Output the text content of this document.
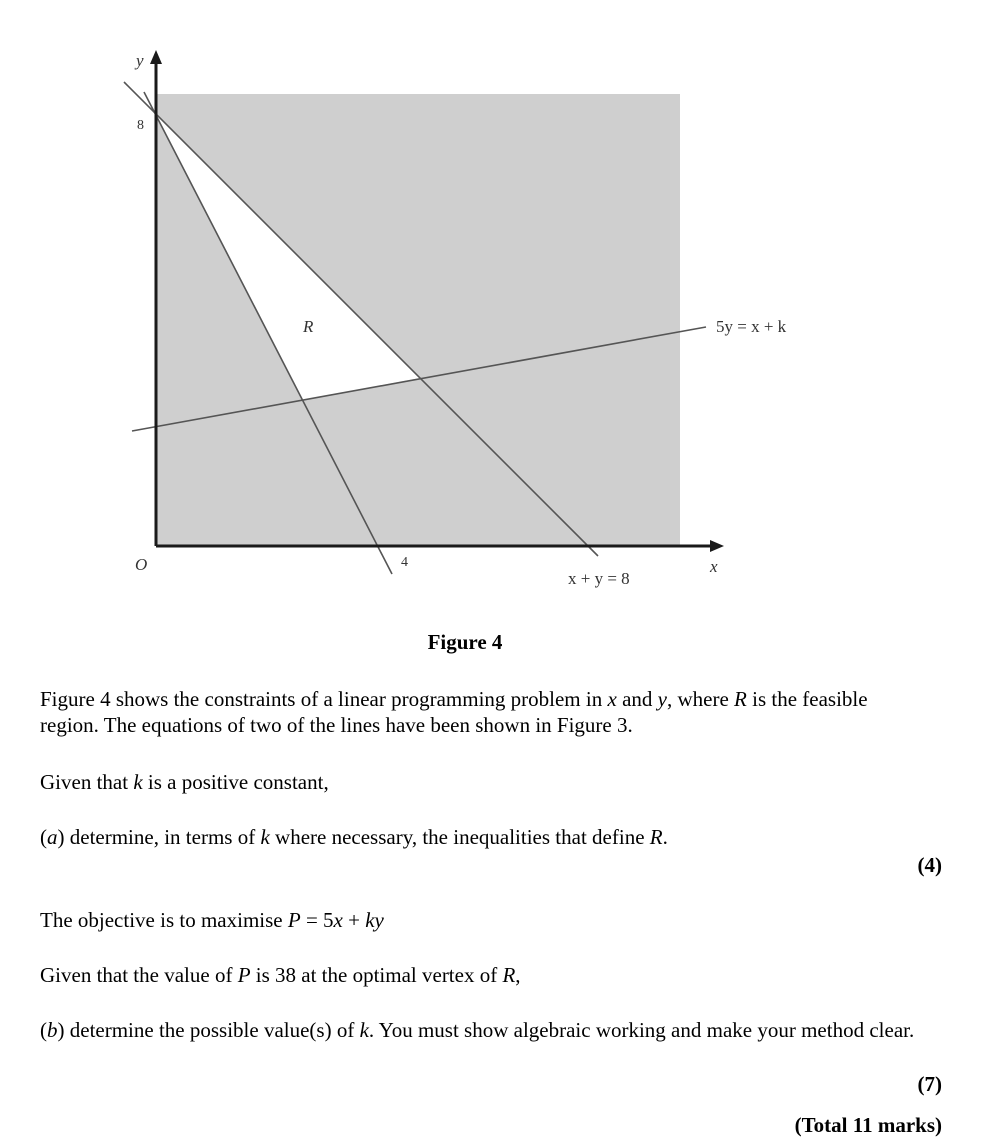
y
8
R	5y = x + k
O	4
x + y = 8
x
Figure 4
Figure 4 shows the constraints of a linear programming problem in x and y, where R is the feasible region. The equations of two of the lines have been shown in Figure 3.
Given that k is a positive constant,
(a) determine, in terms of k where necessary, the inequalities that define R.
(4)
The objective is to maximise P = 5x + ky
Given that the value of P is 38 at the optimal vertex of R,
(b) determine the possible value(s) of k. You must show algebraic working and make your method clear.
(7)
(Total 11 marks)
